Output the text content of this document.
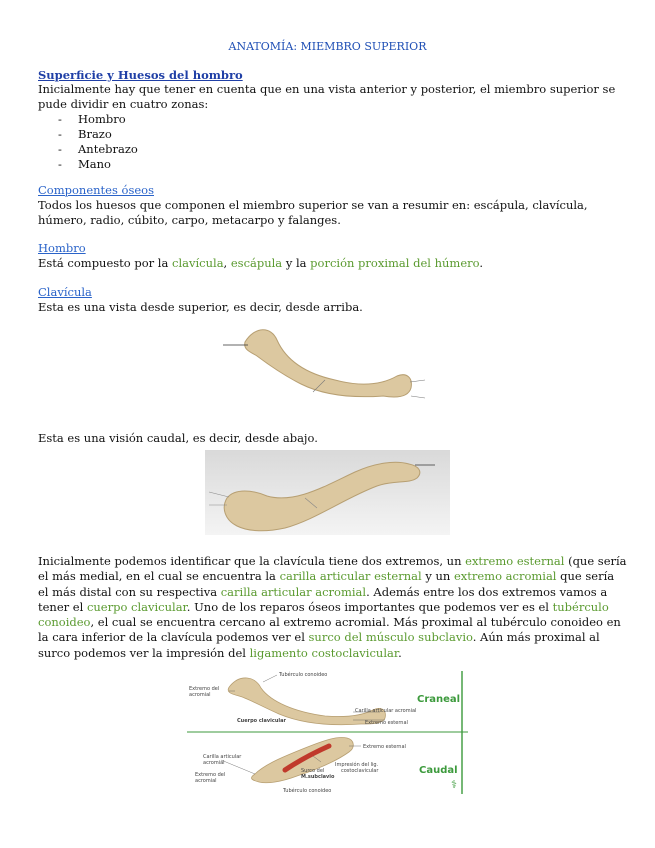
ANATOMÍA: MIEMBRO SUPERIOR
Superficie y Huesos del hombro
Inicialmente hay que tener en cuenta que en una vista anterior y posterior, el miembro superior se
pude dividir en cuatro zonas:
- Hombro
- Brazo
- Antebrazo
- Mano
Componentes óseos
Todos los huesos que componen el miembro superior se van a resumir en: escápula, clavícula,
húmero, radio, cúbito, carpo, metacarpo y falanges.
Hombro
Está compuesto por la clavícula, escápula y la porción proximal del húmero.
Clavícula
Esta es una vista desde superior, es decir, desde arriba.
Esta es una visión caudal, es decir, desde abajo.
Inicialmente podemos identificar que la clavícula tiene dos extremos, un extremo esternal (que sería
el más medial, en el cual se encuentra la carilla articular esternal y un extremo acromial que sería
el más distal con su respectiva carilla articular acromial. Además entre los dos extremos vamos a
tener el cuerpo clavicular. Uno de los reparos óseos importantes que podemos ver es el tubérculo
conoideo, el cual se encuentra cercano al extremo acromial. Más proximal al tubérculo conoideo en
la cara inferior de la clavícula podemos ver el surco del músculo subclavio. Aún más proximal al
surco podemos ver la impresión del ligamento costoclavicular.
Tubérculo conoideo
Extremo del
acromial
Cuerpo clavicular
Carilla articular acromial
Extremo esternal
Craneal
Extremo esternal
Carilla articular
acromial
Extremo del
acromial
Impresión del lig.
costoclavicular
Surco del
M.subclavio
Caudal
Tubérculo conoideo	⚕
